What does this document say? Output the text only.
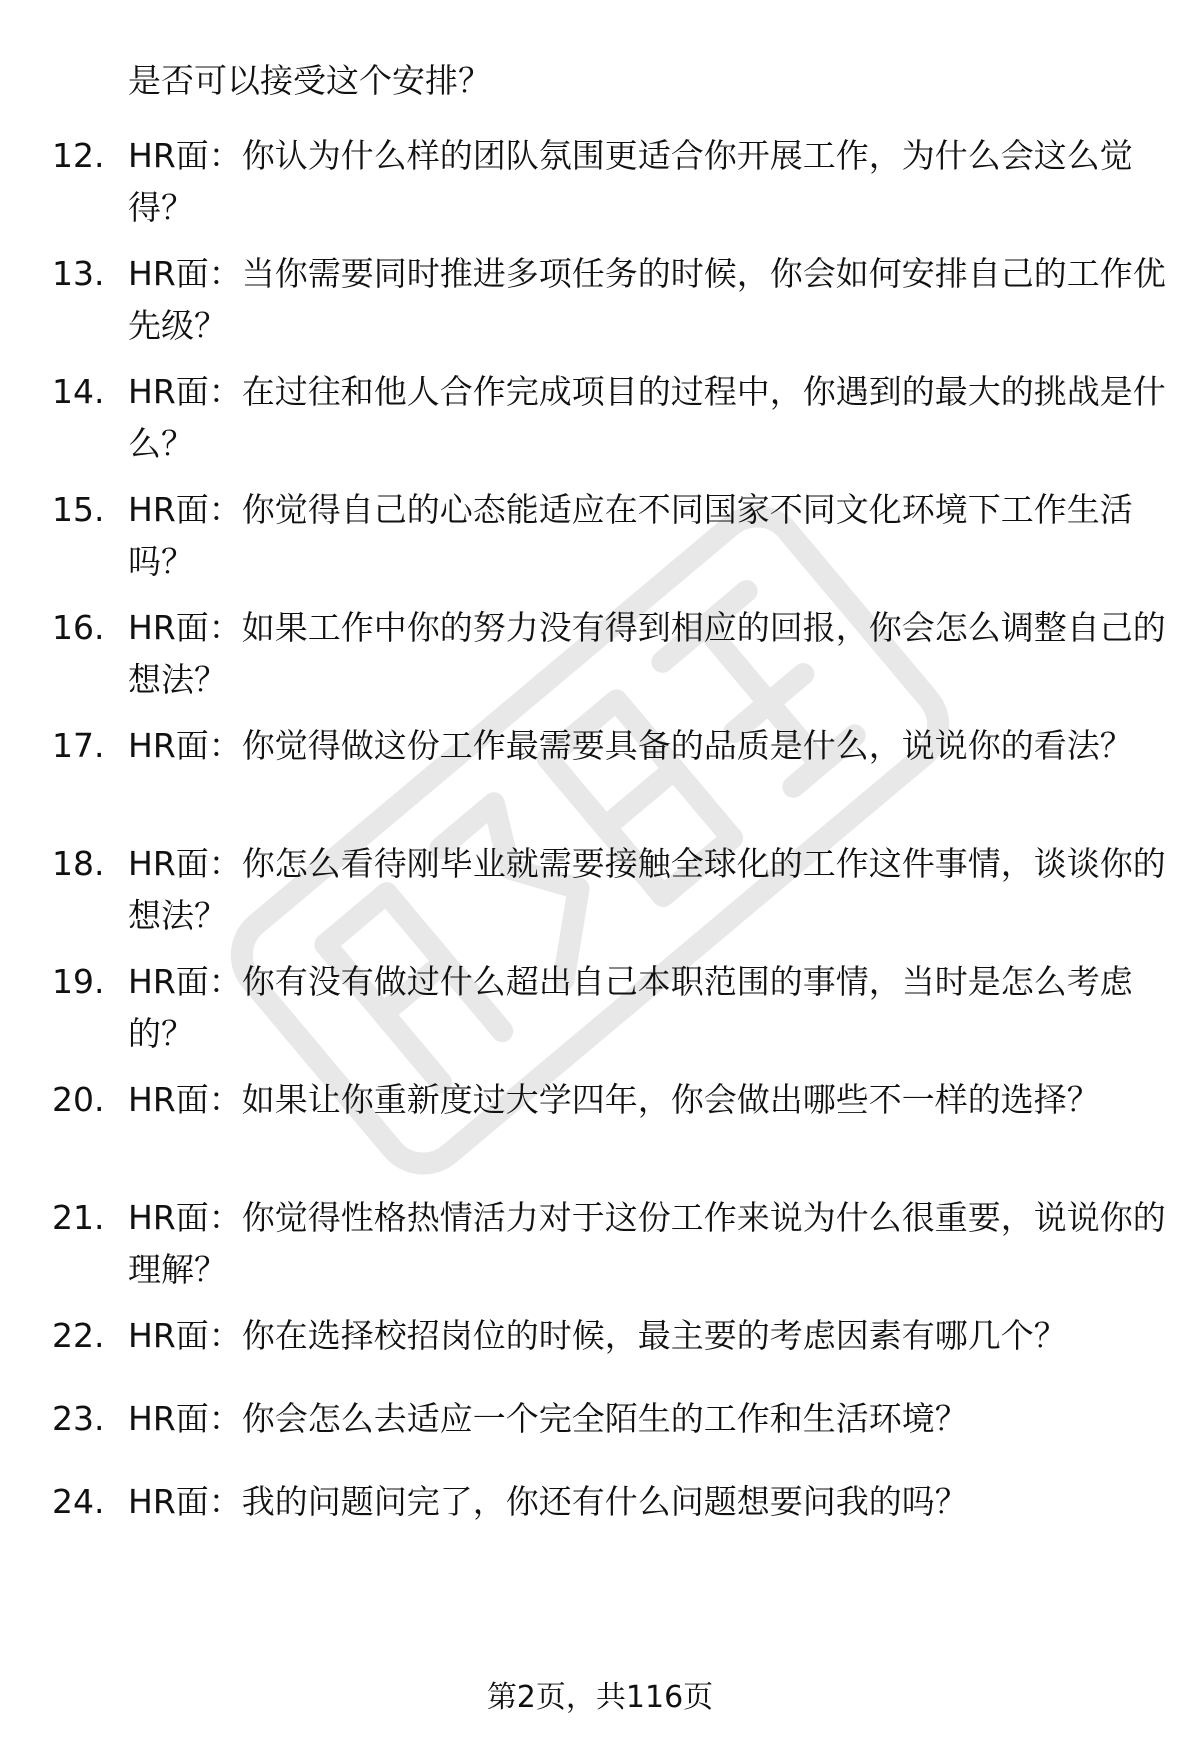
是否可以接受这个安排？

12. HR面：你认为什么样的团队氛围更适合你开展工作，为什么会这么觉得？
13. HR面：当你需要同时推进多项任务的时候，你会如何安排自己的工作优先级？
14. HR面：在过往和他人合作完成项目的过程中，你遇到的最大的挑战是什么？
15. HR面：你觉得自己的心态能适应在不同国家不同文化环境下工作生活吗？
16. HR面：如果工作中你的努力没有得到相应的回报，你会怎么调整自己的想法？
17. HR面：你觉得做这份工作最需要具备的品质是什么，说说你的看法？
18. HR面：你怎么看待刚毕业就需要接触全球化的工作这件事情，谈谈你的想法？
19. HR面：你有没有做过什么超出自己本职范围的事情，当时是怎么考虑的？
20. HR面：如果让你重新度过大学四年，你会做出哪些不一样的选择？
21. HR面：你觉得性格热情活力对于这份工作来说为什么很重要，说说你的理解？
22. HR面：你在选择校招岗位的时候，最主要的考虑因素有哪几个？
23. HR面：你会怎么去适应一个完全陌生的工作和生活环境？
24. HR面：我的问题问完了，你还有什么问题想要问我的吗？
第2页，共116页
